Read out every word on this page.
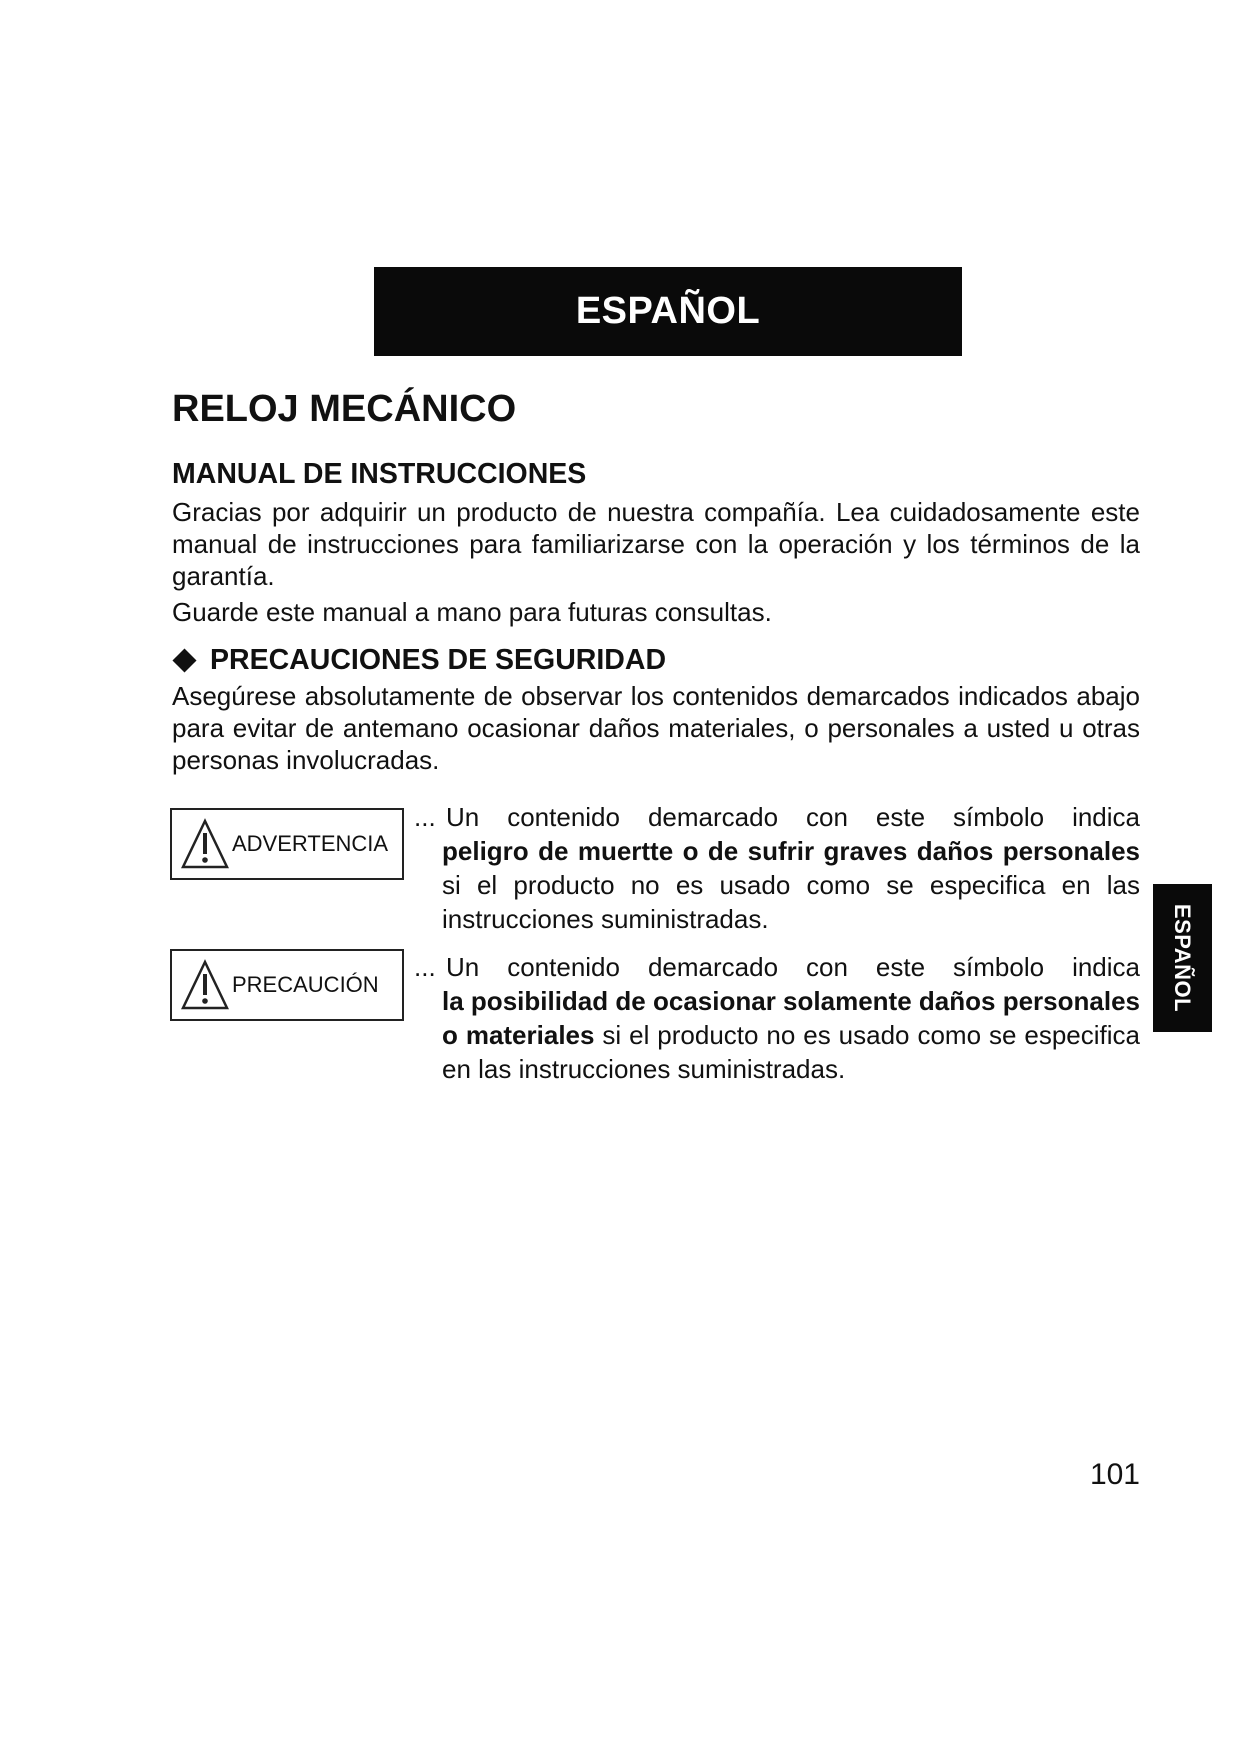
ESPAÑOL
RELOJ MECÁNICO
MANUAL DE INSTRUCCIONES

Gracias por adquirir un producto de nuestra compañía. Lea cuidadosamente este manual de instrucciones para familiarizarse con la operación y los términos de la garantía.

Guarde este manual a mano para futuras consultas.

PRECAUCIONES DE SEGURIDAD

Asegúrese absolutamente de observar los contenidos demarcados indicados abajo para evitar de antemano ocasionar daños materiales, o personales a usted u otras personas involucradas.

ADVERTENCIA

... Un contenido demarcado con este símbolo indica
peligro de muertte o de sufrir graves daños personales si el producto no es usado como se especifica en las instrucciones suministradas.

PRECAUCIÓN

... Un contenido demarcado con este símbolo indica
la posibilidad de ocasionar solamente daños personales o materiales si el producto no es usado como se especifica en las instrucciones suministradas.

ESPAÑOL
101
